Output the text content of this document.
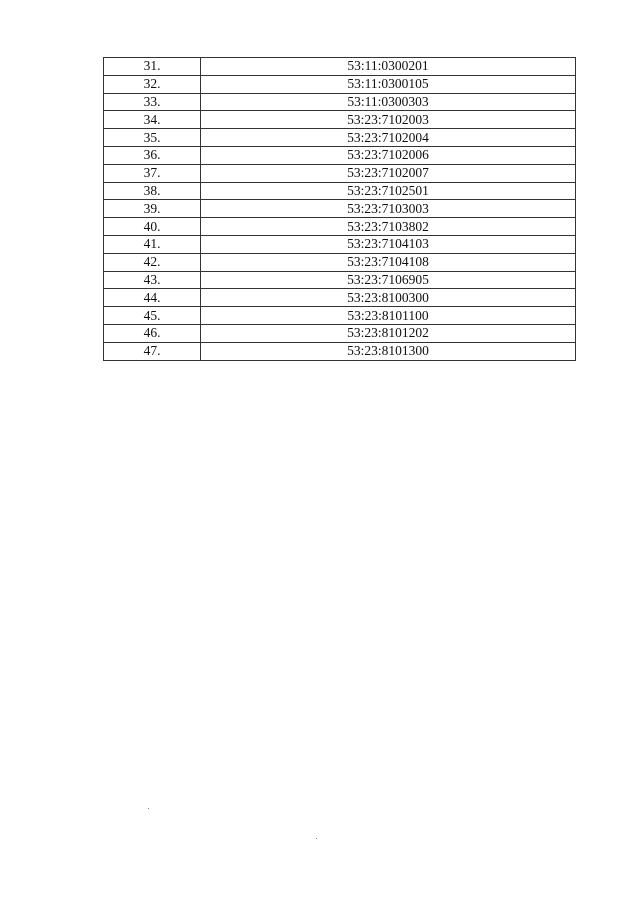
31.	53:11:0300201
32.	53:11:0300105
33.	53:11:0300303
34.	53:23:7102003
35.	53:23:7102004
36.	53:23:7102006
37.	53:23:7102007
38.	53:23:7102501
39.	53:23:7103003
40.	53:23:7103802
41.	53:23:7104103
42.	53:23:7104108
43.	53:23:7106905
44.	53:23:8100300
45.	53:23:8101100
46.	53:23:8101202
47.	53:23:8101300
